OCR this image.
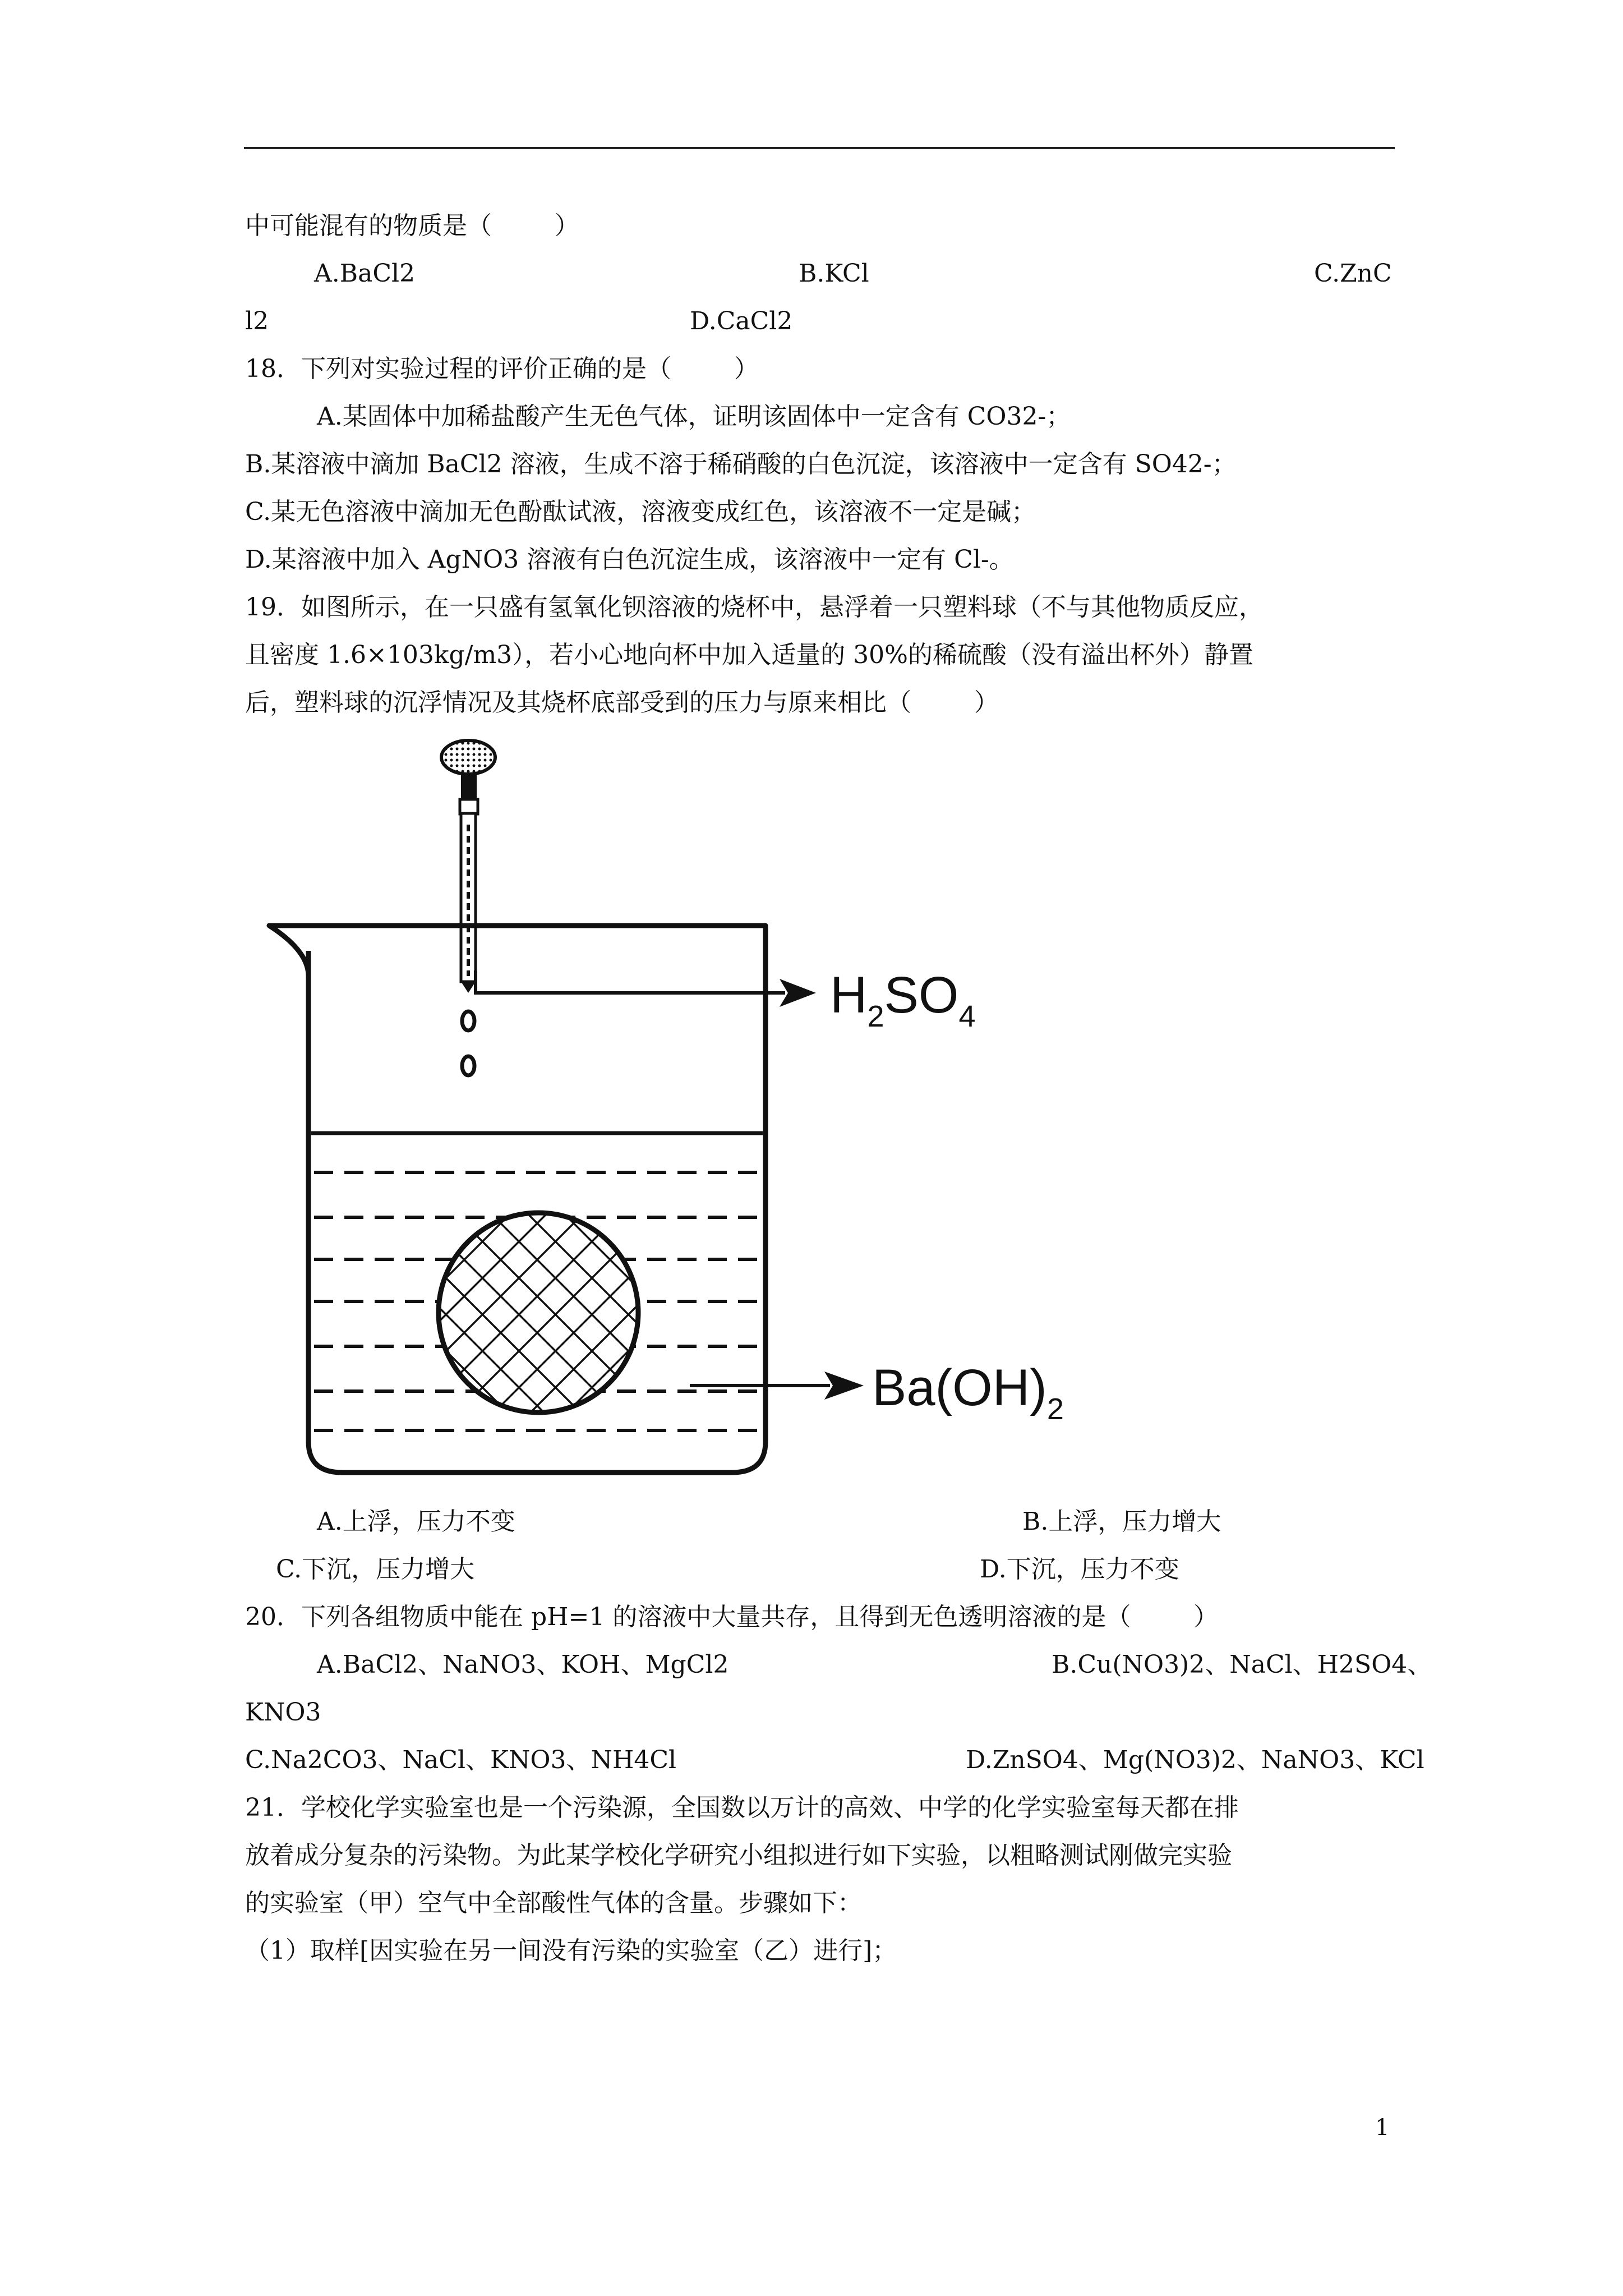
中可能混有的物质是（        ）
A.BaCl2	B.KCl	C.ZnC
l2	D.CaCl2
18．下列对实验过程的评价正确的是（        ）
A.某固体中加稀盐酸产生无色气体，证明该固体中一定含有 CO32-；
B.某溶液中滴加 BaCl2 溶液，生成不溶于稀硝酸的白色沉淀，该溶液中一定含有 SO42-；
C.某无色溶液中滴加无色酚酞试液，溶液变成红色，该溶液不一定是碱；
D.某溶液中加入 AgNO3 溶液有白色沉淀生成，该溶液中一定有 Cl-。
19．如图所示，在一只盛有氢氧化钡溶液的烧杯中，悬浮着一只塑料球（不与其他物质反应，
且密度 1.6×103kg/m3），若小心地向杯中加入适量的 30%的稀硫酸（没有溢出杯外）静置
后，塑料球的沉浮情况及其烧杯底部受到的压力与原来相比（        ）
H2SO4
Ba(OH)2
A.上浮，压力不变	B.上浮，压力增大
C.下沉，压力增大	D.下沉，压力不变
20．下列各组物质中能在 pH=1 的溶液中大量共存，且得到无色透明溶液的是（        ）
A.BaCl2、NaNO3、KOH、MgCl2	B.Cu(NO3)2、NaCl、H2SO4、
KNO3
C.Na2CO3、NaCl、KNO3、NH4Cl	D.ZnSO4、Mg(NO3)2、NaNO3、KCl
21．学校化学实验室也是一个污染源，全国数以万计的高效、中学的化学实验室每天都在排
放着成分复杂的污染物。为此某学校化学研究小组拟进行如下实验，以粗略测试刚做完实验
的实验室（甲）空气中全部酸性气体的含量。步骤如下：
（1）取样[因实验在另一间没有污染的实验室（乙）进行]；
1
